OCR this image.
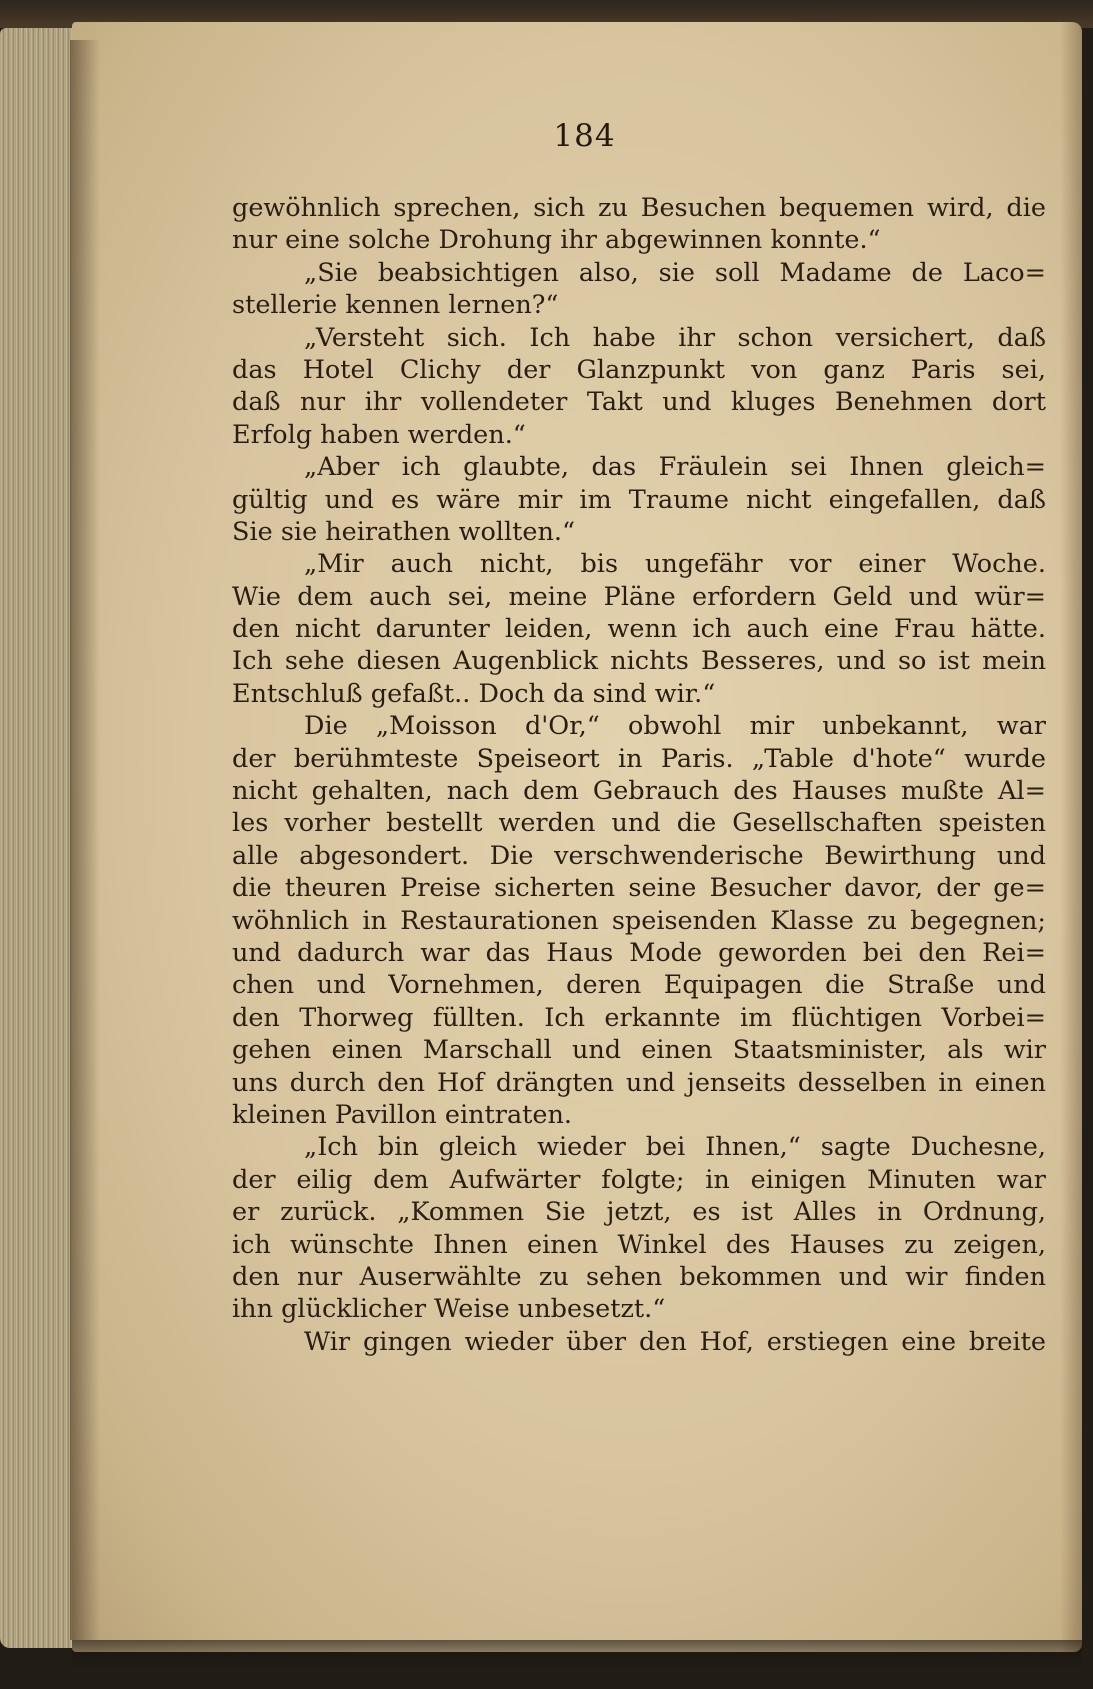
184
gewöhnlich sprechen, sich zu Besuchen bequemen wird, die
nur eine solche Drohung ihr abgewinnen konnte.“
„Sie beabsichtigen also, sie soll Madame de Laco=
stellerie kennen lernen?“
„Versteht sich. Ich habe ihr schon versichert, daß
das Hotel Clichy der Glanzpunkt von ganz Paris sei,
daß nur ihr vollendeter Takt und kluges Benehmen dort
Erfolg haben werden.“
„Aber ich glaubte, das Fräulein sei Ihnen gleich=
gültig und es wäre mir im Traume nicht eingefallen, daß
Sie sie heirathen wollten.“
„Mir auch nicht, bis ungefähr vor einer Woche.
Wie dem auch sei, meine Pläne erfordern Geld und wür=
den nicht darunter leiden, wenn ich auch eine Frau hätte.
Ich sehe diesen Augenblick nichts Besseres, und so ist mein
Entschluß gefaßt.. Doch da sind wir.“
Die „Moisson d'Or,“ obwohl mir unbekannt, war
der berühmteste Speiseort in Paris. „Table d'hote“ wurde
nicht gehalten, nach dem Gebrauch des Hauses mußte Al=
les vorher bestellt werden und die Gesellschaften speisten
alle abgesondert. Die verschwenderische Bewirthung und
die theuren Preise sicherten seine Besucher davor, der ge=
wöhnlich in Restaurationen speisenden Klasse zu begegnen;
und dadurch war das Haus Mode geworden bei den Rei=
chen und Vornehmen, deren Equipagen die Straße und
den Thorweg füllten. Ich erkannte im flüchtigen Vorbei=
gehen einen Marschall und einen Staatsminister, als wir
uns durch den Hof drängten und jenseits desselben in einen
kleinen Pavillon eintraten.
„Ich bin gleich wieder bei Ihnen,“ sagte Duchesne,
der eilig dem Aufwärter folgte; in einigen Minuten war
er zurück. „Kommen Sie jetzt, es ist Alles in Ordnung,
ich wünschte Ihnen einen Winkel des Hauses zu zeigen,
den nur Auserwählte zu sehen bekommen und wir finden
ihn glücklicher Weise unbesetzt.“
Wir gingen wieder über den Hof, erstiegen eine breite
